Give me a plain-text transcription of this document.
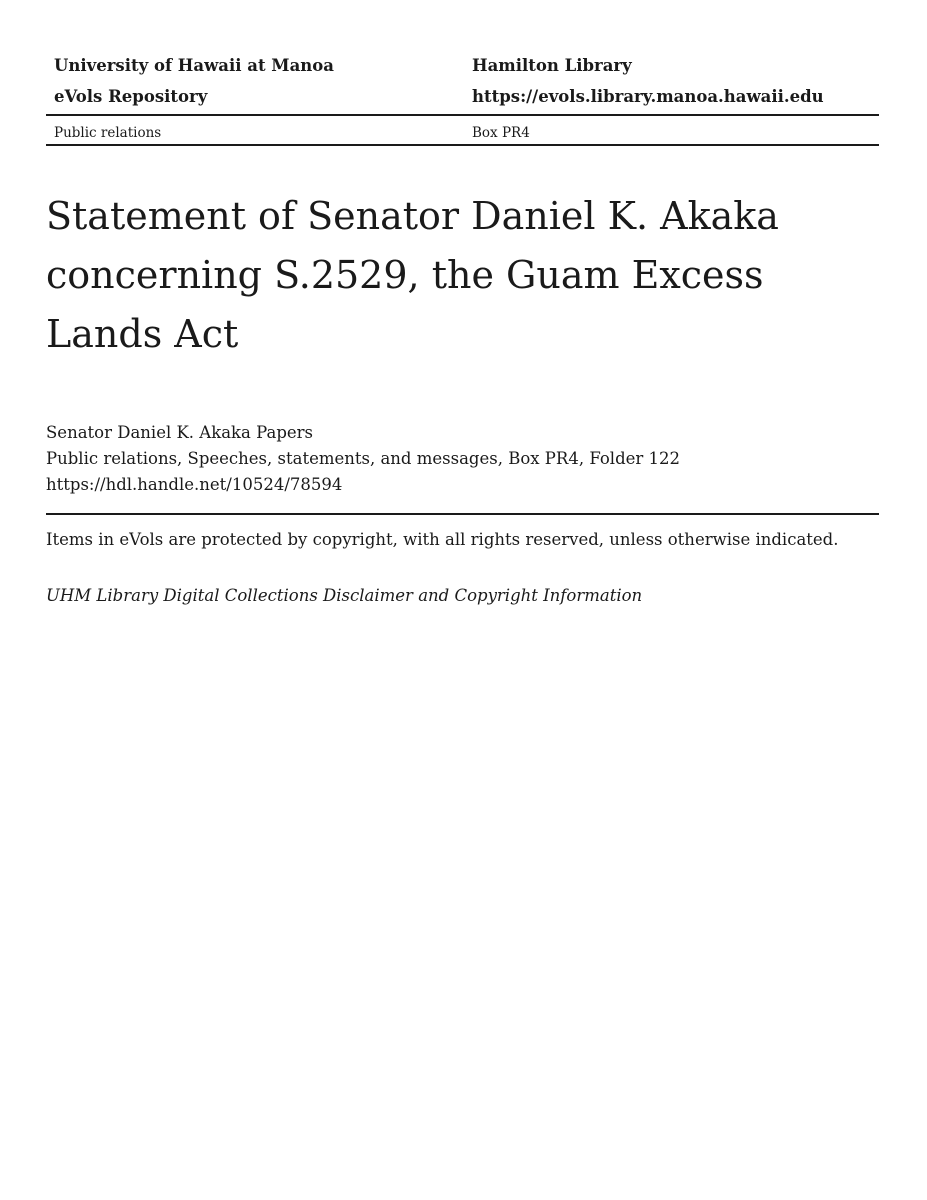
University of Hawaii at Manoa	Hamilton Library
eVols Repository	https://evols.library.manoa.hawaii.edu
Public relations	Box PR4
Statement of Senator Daniel K. Akaka concerning S.2529, the Guam Excess Lands Act
Senator Daniel K. Akaka Papers
Public relations, Speeches, statements, and messages, Box PR4, Folder 122
https://hdl.handle.net/10524/78594
Items in eVols are protected by copyright, with all rights reserved, unless otherwise indicated.
UHM Library Digital Collections Disclaimer and Copyright Information
